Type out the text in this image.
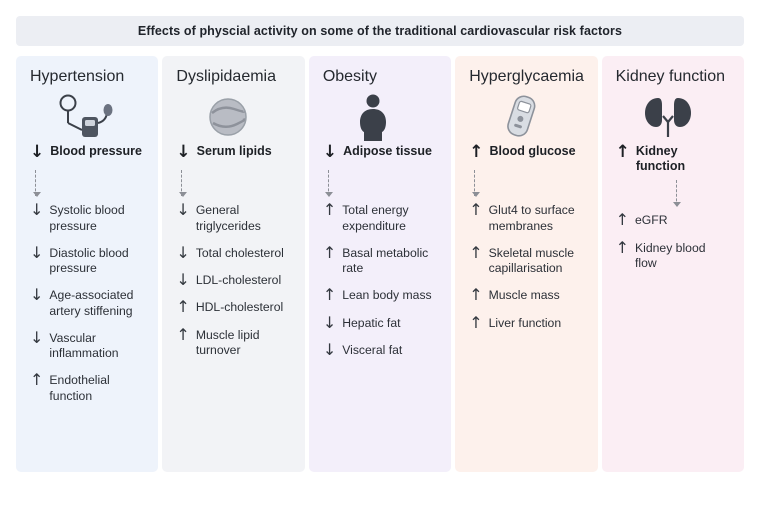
Effects of physcial activity on some of the traditional cardiovascular risk factors
Hypertension
↓ Blood pressure
↓ Systolic blood pressure
↓ Diastolic blood pressure
↓ Age-associated artery stiffening
↓ Vascular inflammation
↑ Endothelial function
Dyslipidaemia
↓ Serum lipids
↓ General triglycerides
↓ Total cholesterol
↓ LDL-cholesterol
↑ HDL-cholesterol
↑ Muscle lipid turnover
Obesity
↓ Adipose tissue
↑ Total energy expenditure
↑ Basal metabolic rate
↑ Lean body mass
↓ Hepatic fat
↓ Visceral fat
Hyperglycaemia
↑ Blood glucose
↑ Glut4 to surface membranes
↑ Skeletal muscle capillarisation
↑ Muscle mass
↑ Liver function
Kidney function
↑ Kidney function
↑ eGFR
↑ Kidney blood flow
